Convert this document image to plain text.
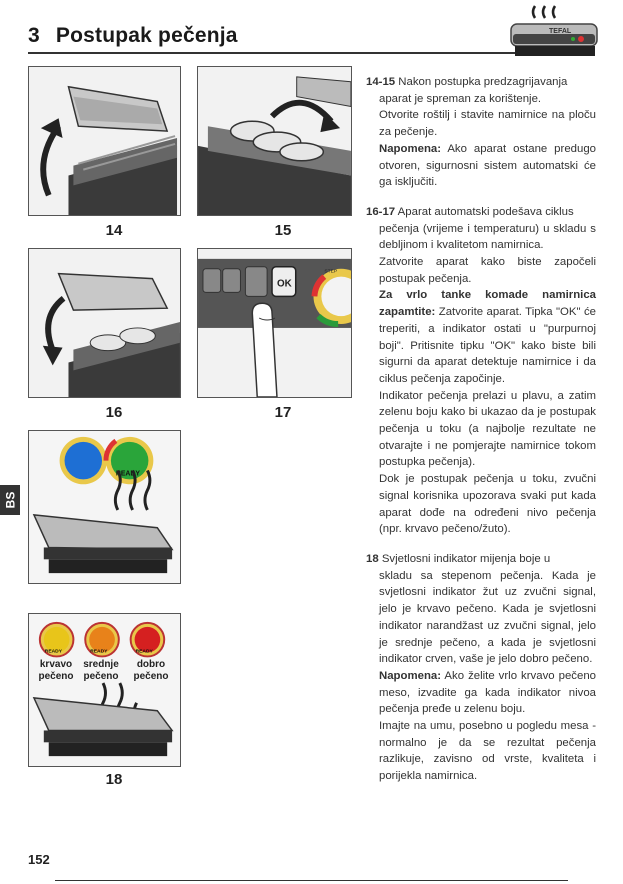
3 Postupak pečenja	TEFAL
14	15
16
OK
STEP
17
READY
READY	READY	READY
krvavo
pečeno
srednje
pečeno
dobro
pečeno
18
BS

14-15 Nakon postupka predzagrijavanja

aparat je spreman za korištenje.

Otvorite roštilj i stavite namirnice na ploču za pečenje.

Napomena: Ako aparat ostane predugo otvoren, sigurnosni sistem automatski će ga isključiti.

16-17 Aparat automatski podešava ciklus

pečenja (vrijeme i temperaturu) u skladu s debljinom i kvalitetom namirnica.

Zatvorite aparat kako biste započeli postupak pečenja.

Za vrlo tanke komade namirnica zapamtite: Zatvorite aparat. Tipka "OK" će treperiti, a indikator ostati u "purpurnoj boji". Pritisnite tipku "OK" kako biste bili sigurni da aparat detektuje namirnice i da ciklus pečenja započinje.

Indikator pečenja prelazi u plavu, a zatim zelenu boju kako bi ukazao da je postupak pečenja u toku (a najbolje rezultate ne otvarajte i ne pomjerajte namirnice tokom postupka pečenja).

Dok je postupak pečenja u toku, zvučni signal korisnika upozorava svaki put kada aparat dođe na određeni nivo pečenja (npr. krvavo pečeno/žuto).

18 Svjetlosni indikator mijenja boje u

skladu sa stepenom pečenja. Kada je svjetlosni indikator žut uz zvučni signal, jelo je krvavo pečeno. Kada je svjetlosni indikator narandžast uz zvučni signal, jelo je srednje pečeno, a kada je svjetlosni indikator crven, vaše je jelo dobro pečeno.

Napomena: Ako želite vrlo krvavo pečeno meso, izvadite ga kada indikator nivoa pečenja pređe u zelenu boju.

Imajte na umu, posebno u pogledu mesa - normalno je da se rezultat pečenja razlikuje, zavisno od vrste, kvaliteta i porijekla namirnica.

152
